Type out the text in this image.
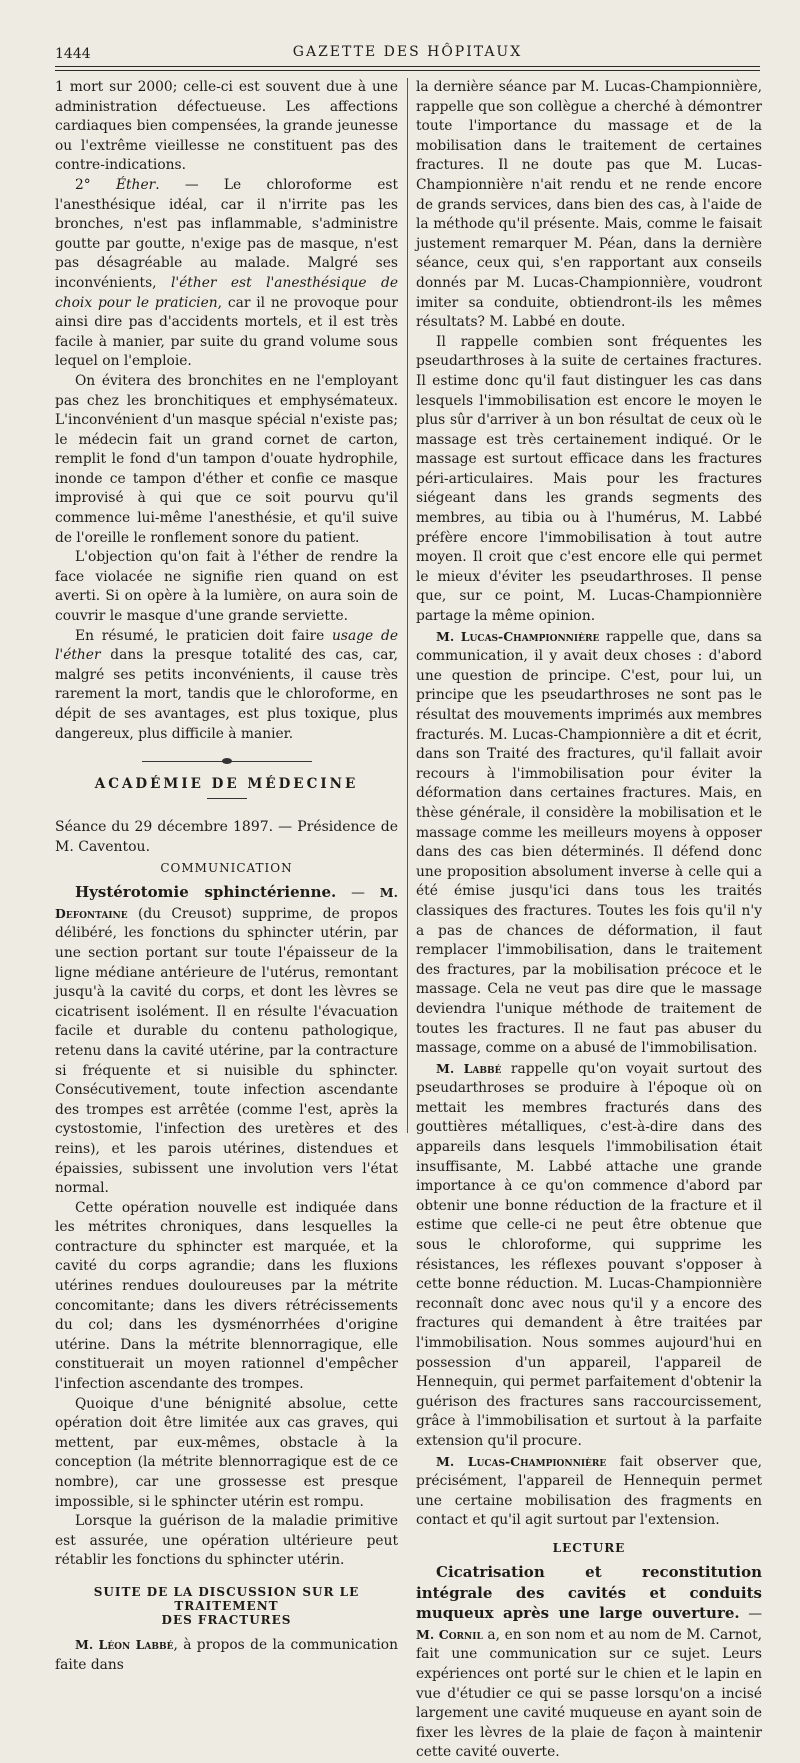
1444	GAZETTE DES HÔPITAUX

1 mort sur 2000; celle-ci est souvent due à une administration défectueuse. Les affections cardiaques bien compensées, la grande jeunesse ou l'extrême vieillesse ne constituent pas des contre-indications.

2° Éther. — Le chloroforme est l'anesthésique idéal, car il n'irrite pas les bronches, n'est pas inflammable, s'administre goutte par goutte, n'exige pas de masque, n'est pas désagréable au malade. Malgré ses inconvénients, l'éther est l'anesthésique de choix pour le praticien, car il ne provoque pour ainsi dire pas d'accidents mortels, et il est très facile à manier, par suite du grand volume sous lequel on l'emploie.

On évitera des bronchites en ne l'employant pas chez les bronchitiques et emphysémateux. L'inconvénient d'un masque spécial n'existe pas; le médecin fait un grand cornet de carton, remplit le fond d'un tampon d'ouate hydrophile, inonde ce tampon d'éther et confie ce masque improvisé à qui que ce soit pourvu qu'il commence lui-même l'anesthésie, et qu'il suive de l'oreille le ronflement sonore du patient.

L'objection qu'on fait à l'éther de rendre la face violacée ne signifie rien quand on est averti. Si on opère à la lumière, on aura soin de couvrir le masque d'une grande serviette.

En résumé, le praticien doit faire usage de l'éther dans la presque totalité des cas, car, malgré ses petits inconvénients, il cause très rarement la mort, tandis que le chloroforme, en dépit de ses avantages, est plus toxique, plus dangereux, plus difficile à manier.

ACADÉMIE DE MÉDECINE

Séance du 29 décembre 1897. — Présidence de M. Caventou.

COMMUNICATION

Hystérotomie sphinctérienne. — M. Defontaine (du Creusot) supprime, de propos délibéré, les fonctions du sphincter utérin, par une section portant sur toute l'épaisseur de la ligne médiane antérieure de l'utérus, remontant jusqu'à la cavité du corps, et dont les lèvres se cicatrisent isolément. Il en résulte l'évacuation facile et durable du contenu pathologique, retenu dans la cavité utérine, par la contracture si fréquente et si nuisible du sphincter. Consécutivement, toute infection ascendante des trompes est arrêtée (comme l'est, après la cystostomie, l'infection des uretères et des reins), et les parois utérines, distendues et épaissies, subissent une involution vers l'état normal.

Cette opération nouvelle est indiquée dans les métrites chroniques, dans lesquelles la contracture du sphincter est marquée, et la cavité du corps agrandie; dans les fluxions utérines rendues douloureuses par la métrite concomitante; dans les divers rétrécissements du col; dans les dysménorrhées d'origine utérine. Dans la métrite blennorragique, elle constituerait un moyen rationnel d'empêcher l'infection ascendante des trompes.

Quoique d'une bénignité absolue, cette opération doit être limitée aux cas graves, qui mettent, par eux-mêmes, obstacle à la conception (la métrite blennorragique est de ce nombre), car une grossesse est presque impossible, si le sphincter utérin est rompu.

Lorsque la guérison de la maladie primitive est assurée, une opération ultérieure peut rétablir les fonctions du sphincter utérin.

SUITE DE LA DISCUSSION SUR LE TRAITEMENT
DES FRACTURES

M. Léon Labbé, à propos de la communication faite dans

la dernière séance par M. Lucas-Championnière, rappelle que son collègue a cherché à démontrer toute l'importance du massage et de la mobilisation dans le traitement de certaines fractures. Il ne doute pas que M. Lucas-Championnière n'ait rendu et ne rende encore de grands services, dans bien des cas, à l'aide de la méthode qu'il présente. Mais, comme le faisait justement remarquer M. Péan, dans la dernière séance, ceux qui, s'en rapportant aux conseils donnés par M. Lucas-Championnière, voudront imiter sa conduite, obtiendront-ils les mêmes résultats? M. Labbé en doute.

Il rappelle combien sont fréquentes les pseudarthroses à la suite de certaines fractures. Il estime donc qu'il faut distinguer les cas dans lesquels l'immobilisation est encore le moyen le plus sûr d'arriver à un bon résultat de ceux où le massage est très certainement indiqué. Or le massage est surtout efficace dans les fractures péri-articulaires. Mais pour les fractures siégeant dans les grands segments des membres, au tibia ou à l'humérus, M. Labbé préfère encore l'immobilisation à tout autre moyen. Il croit que c'est encore elle qui permet le mieux d'éviter les pseudarthroses. Il pense que, sur ce point, M. Lucas-Championnière partage la même opinion.

M. Lucas-Championnière rappelle que, dans sa communication, il y avait deux choses : d'abord une question de principe. C'est, pour lui, un principe que les pseudarthroses ne sont pas le résultat des mouvements imprimés aux membres fracturés. M. Lucas-Championnière a dit et écrit, dans son Traité des fractures, qu'il fallait avoir recours à l'immobilisation pour éviter la déformation dans certaines fractures. Mais, en thèse générale, il considère la mobilisation et le massage comme les meilleurs moyens à opposer dans des cas bien déterminés. Il défend donc une proposition absolument inverse à celle qui a été émise jusqu'ici dans tous les traités classiques des fractures. Toutes les fois qu'il n'y a pas de chances de déformation, il faut remplacer l'immobilisation, dans le traitement des fractures, par la mobilisation précoce et le massage. Cela ne veut pas dire que le massage deviendra l'unique méthode de traitement de toutes les fractures. Il ne faut pas abuser du massage, comme on a abusé de l'immobilisation.

M. Labbé rappelle qu'on voyait surtout des pseudarthroses se produire à l'époque où on mettait les membres fracturés dans des gouttières métalliques, c'est-à-dire dans des appareils dans lesquels l'immobilisation était insuffisante, M. Labbé attache une grande importance à ce qu'on commence d'abord par obtenir une bonne réduction de la fracture et il estime que celle-ci ne peut être obtenue que sous le chloroforme, qui supprime les résistances, les réflexes pouvant s'opposer à cette bonne réduction. M. Lucas-Championnière reconnaît donc avec nous qu'il y a encore des fractures qui demandent à être traitées par l'immobilisation. Nous sommes aujourd'hui en possession d'un appareil, l'appareil de Hennequin, qui permet parfaitement d'obtenir la guérison des fractures sans raccourcissement, grâce à l'immobilisation et surtout à la parfaite extension qu'il procure.

M. Lucas-Championnière fait observer que, précisément, l'appareil de Hennequin permet une certaine mobilisation des fragments en contact et qu'il agit surtout par l'extension.

LECTURE

Cicatrisation et reconstitution intégrale des cavités et conduits muqueux après une large ouverture. — M. Cornil a, en son nom et au nom de M. Carnot, fait une communication sur ce sujet. Leurs expériences ont porté sur le chien et le lapin en vue d'étudier ce qui se passe lorsqu'on a incisé largement une cavité muqueuse en ayant soin de fixer les lèvres de la plaie de façon à maintenir cette cavité ouverte.
